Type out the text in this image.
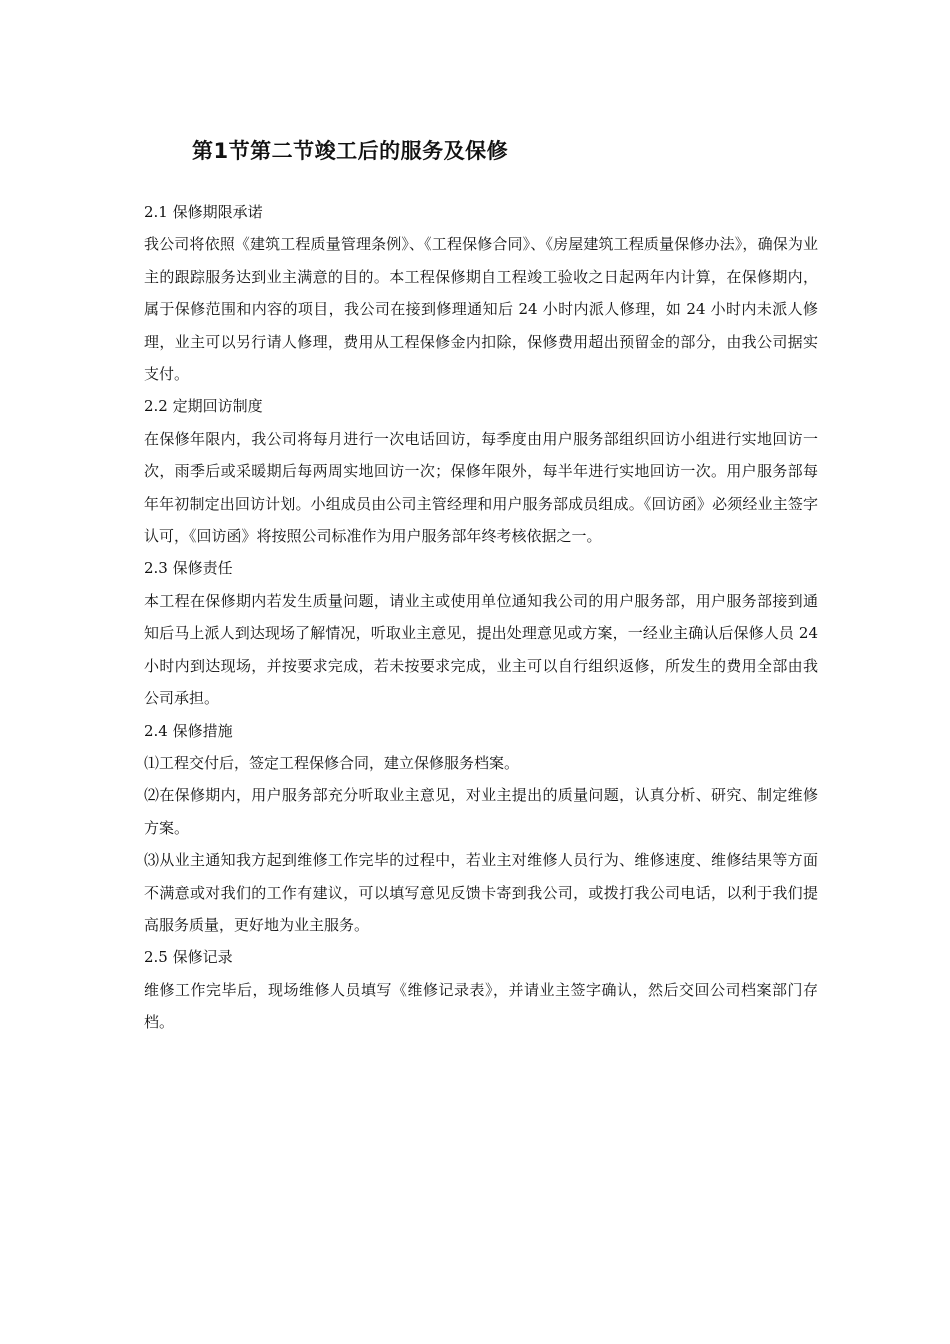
第1节第二节竣工后的服务及保修

2.1 保修期限承诺

我公司将依照《建筑工程质量管理条例》、《工程保修合同》、《房屋建筑工程质量保修办法》，确保为业主的跟踪服务达到业主满意的目的。本工程保修期自工程竣工验收之日起两年内计算，在保修期内，属于保修范围和内容的项目，我公司在接到修理通知后 24 小时内派人修理，如 24 小时内未派人修理，业主可以另行请人修理，费用从工程保修金内扣除，保修费用超出预留金的部分，由我公司据实支付。

2.2 定期回访制度

在保修年限内，我公司将每月进行一次电话回访，每季度由用户服务部组织回访小组进行实地回访一次，雨季后或采暖期后每两周实地回访一次；保修年限外，每半年进行实地回访一次。用户服务部每年年初制定出回访计划。小组成员由公司主管经理和用户服务部成员组成。《回访函》必须经业主签字认可，《回访函》将按照公司标准作为用户服务部年终考核依据之一。

2.3 保修责任

本工程在保修期内若发生质量问题，请业主或使用单位通知我公司的用户服务部，用户服务部接到通知后马上派人到达现场了解情况，听取业主意见，提出处理意见或方案，一经业主确认后保修人员 24 小时内到达现场，并按要求完成，若未按要求完成，业主可以自行组织返修，所发生的费用全部由我公司承担。

2.4 保修措施

⑴工程交付后，签定工程保修合同，建立保修服务档案。

⑵在保修期内，用户服务部充分听取业主意见，对业主提出的质量问题，认真分析、研究、制定维修方案。

⑶从业主通知我方起到维修工作完毕的过程中，若业主对维修人员行为、维修速度、维修结果等方面不满意或对我们的工作有建议，可以填写意见反馈卡寄到我公司，或拨打我公司电话，以利于我们提高服务质量，更好地为业主服务。

2.5 保修记录

维修工作完毕后，现场维修人员填写《维修记录表》，并请业主签字确认，然后交回公司档案部门存档。
